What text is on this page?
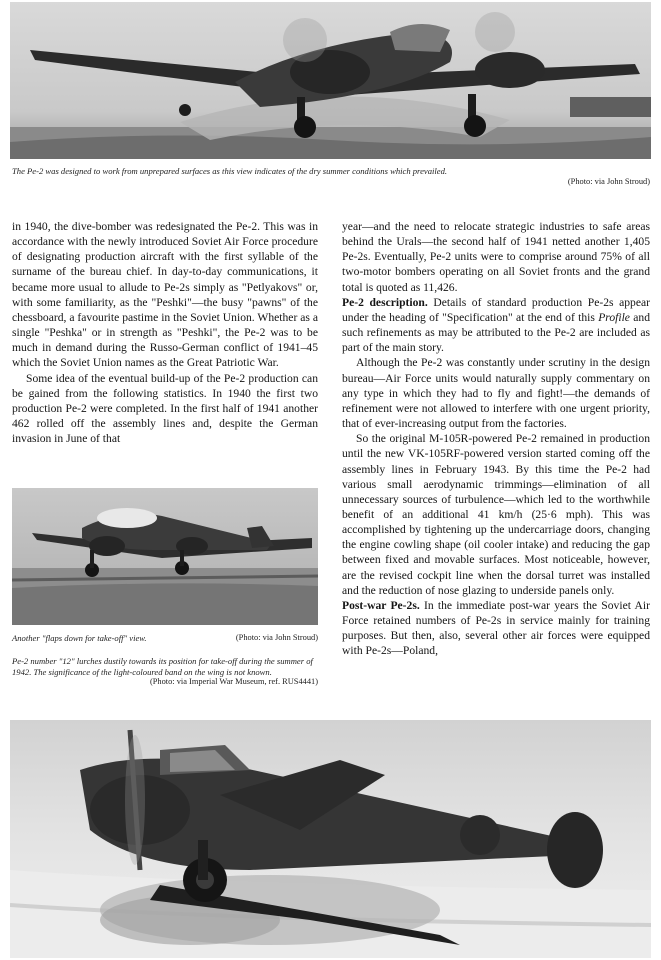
The Pe-2 was designed to work from unprepared surfaces as this view indicates of the dry summer conditions which prevailed.
(Photo: via John Stroud)

in 1940, the dive-bomber was redesignated the Pe-2. This was in accordance with the newly introduced Soviet Air Force procedure of designating production aircraft with the first syllable of the surname of the bureau chief. In day-to-day communications, it became more usual to allude to Pe-2s simply as "Petlyakovs" or, with some familiarity, as the "Peshki"—the busy "pawns" of the chessboard, a favourite pastime in the Soviet Union. Whether as a single "Peshka" or in strength as "Peshki", the Pe-2 was to be much in demand during the Russo-German conflict of 1941–45 which the Soviet Union names as the Great Patriotic War.

Some idea of the eventual build-up of the Pe-2 production can be gained from the following statistics. In 1940 the first two production Pe-2 were completed. In the first half of 1941 another 462 rolled off the assembly lines and, despite the German invasion in June of that

Another "flaps down for take-off" view.	(Photo: via John Stroud)
Pe-2 number "12" lurches dustily towards its position for take-off during the summer of 1942. The significance of the light-coloured band on the wing is not known.
(Photo: via Imperial War Museum, ref. RUS4441)

year—and the need to relocate strategic industries to safe areas behind the Urals—the second half of 1941 netted another 1,405 Pe-2s. Eventually, Pe-2 units were to comprise around 75% of all two-motor bombers operating on all Soviet fronts and the grand total is quoted as 11,426.

Pe-2 description. Details of standard production Pe-2s appear under the heading of "Specification" at the end of this Profile and such refinements as may be attributed to the Pe-2 are included as part of the main story.

Although the Pe-2 was constantly under scrutiny in the design bureau—Air Force units would naturally supply commentary on any type in which they had to fly and fight!—the demands of refinement were not allowed to interfere with one urgent priority, that of ever-increasing output from the factories.

So the original M-105R-powered Pe-2 remained in production until the new VK-105RF-powered version started coming off the assembly lines in February 1943. By this time the Pe-2 had various small aerodynamic trimmings—elimination of all unnecessary sources of turbulence—which led to the worthwhile benefit of an additional 41 km/h (25·6 mph). This was accomplished by tightening up the undercarriage doors, changing the engine cowling shape (oil cooler intake) and reducing the gap between fixed and movable surfaces. Most noticeable, however, are the revised cockpit line when the dorsal turret was installed and the reduction of nose glazing to underside panels only.

Post-war Pe-2s. In the immediate post-war years the Soviet Air Force retained numbers of Pe-2s in service mainly for training purposes. But then, also, several other air forces were equipped with Pe-2s—Poland,
